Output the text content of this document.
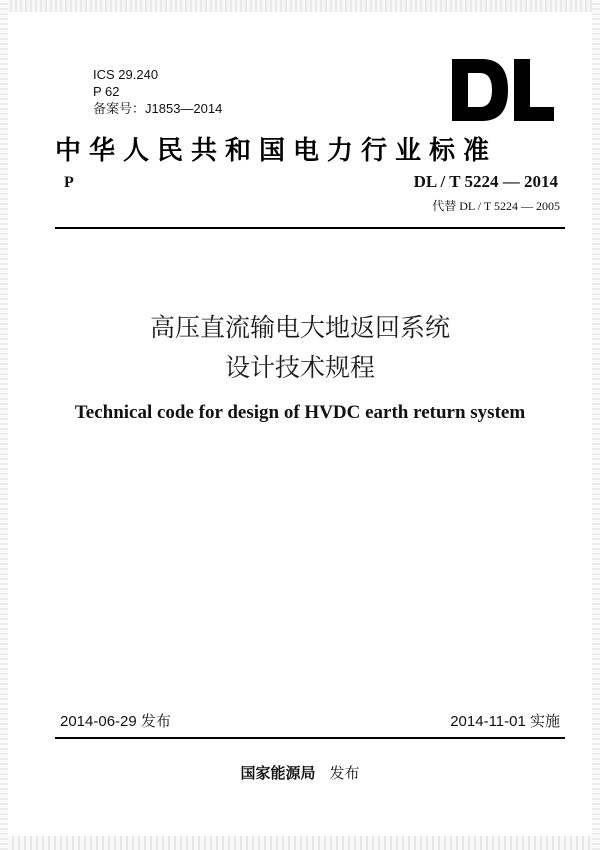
ICS 29.240
P 62
备案号：J1853—2014
中华人民共和国电力行业标准
P	DL / T 5224 — 2014
代替 DL / T 5224 — 2005
高压直流输电大地返回系统
设计技术规程
Technical code for design of HVDC earth return system
2014-06-29 发布	2014-11-01 实施
国家能源局 发布
